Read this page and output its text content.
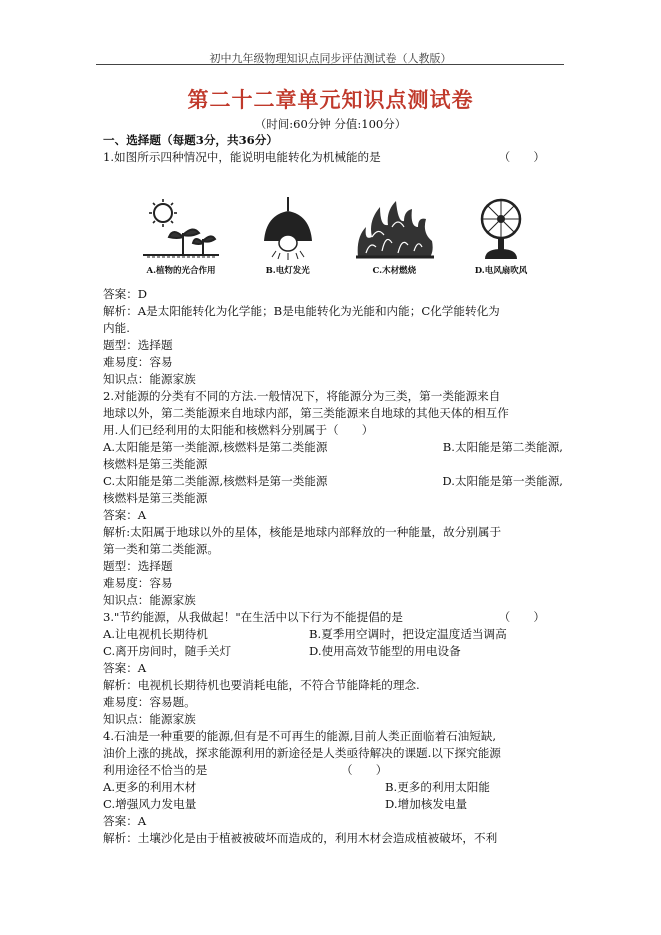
初中九年级物理知识点同步评估测试卷（人教版）
第二十二章单元知识点测试卷
（时间:60分钟 分值:100分）
一、选择题（每题3分，共36分）
1.如图所示四种情况中，能说明电能转化为机械能的是	（　　）
A.植物的光合作用	B.电灯发光	C.木材燃烧	D.电风扇吹风
答案：D
解析：A是太阳能转化为化学能；B是电能转化为光能和内能；C化学能转化为
内能.
题型：选择题
难易度：容易
知识点：能源家族
2.对能源的分类有不同的方法.一般情况下，将能源分为三类，第一类能源来自
地球以外，第二类能源来自地球内部，第三类能源来自地球的其他天体的相互作
用.人们已经利用的太阳能和核燃料分别属于（　　）
A.太阳能是第一类能源,核燃料是第二类能源	B.太阳能是第二类能源,
核燃料是第三类能源
C.太阳能是第二类能源,核燃料是第一类能源	D.太阳能是第一类能源,
核燃料是第三类能源
答案：A
解析:太阳属于地球以外的星体，核能是地球内部释放的一种能量，故分别属于
第一类和第二类能源。
题型：选择题
难易度：容易
知识点：能源家族
3."节约能源，从我做起！"在生活中以下行为不能提倡的是	（　　）
A.让电视机长期待机	B.夏季用空调时，把设定温度适当调高
C.离开房间时，随手关灯	D.使用高效节能型的用电设备
答案：A
解析：电视机长期待机也要消耗电能，不符合节能降耗的理念.
难易度：容易题。
知识点：能源家族
4.石油是一种重要的能源,但有是不可再生的能源,目前人类正面临着石油短缺,
油价上涨的挑战，探求能源利用的新途径是人类亟待解决的课题.以下探究能源
利用途径不恰当的是	（　　）
A.更多的利用木材	B.更多的利用太阳能
C.增强风力发电量	D.增加核发电量
答案：A
解析：土壤沙化是由于植被被破坏而造成的，利用木材会造成植被破坏，不利
